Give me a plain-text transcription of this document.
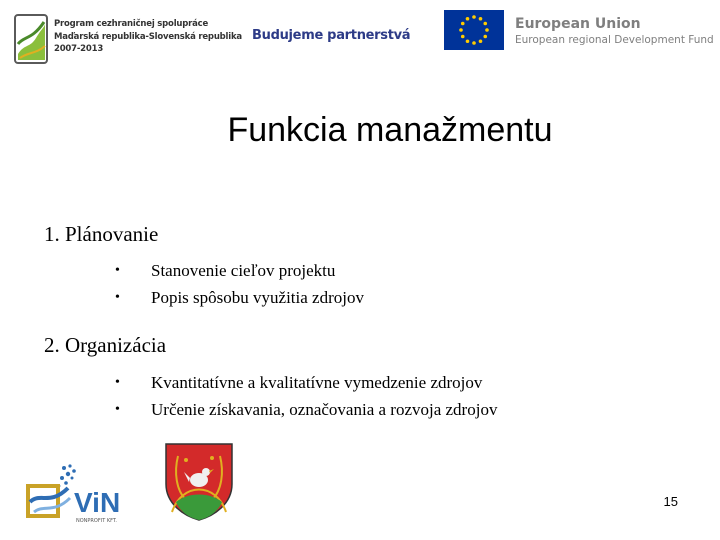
Program cezhraničnej spolupráce
Maďarská republika-Slovenská republika
2007-2013
Budujeme partnerstvá
European Union
European regional Development Fund
Funkcia manažmentu
1. Plánovanie
• Stanovenie cieľov projektu
• Popis spôsobu využitia zdrojov
2. Organizácia
• Kvantitatívne a kvalitatívne vymedzenie zdrojov
• Určenie získavania, označovania a rozvoja zdrojov
ViN
NONPROFIT KFT.
15
